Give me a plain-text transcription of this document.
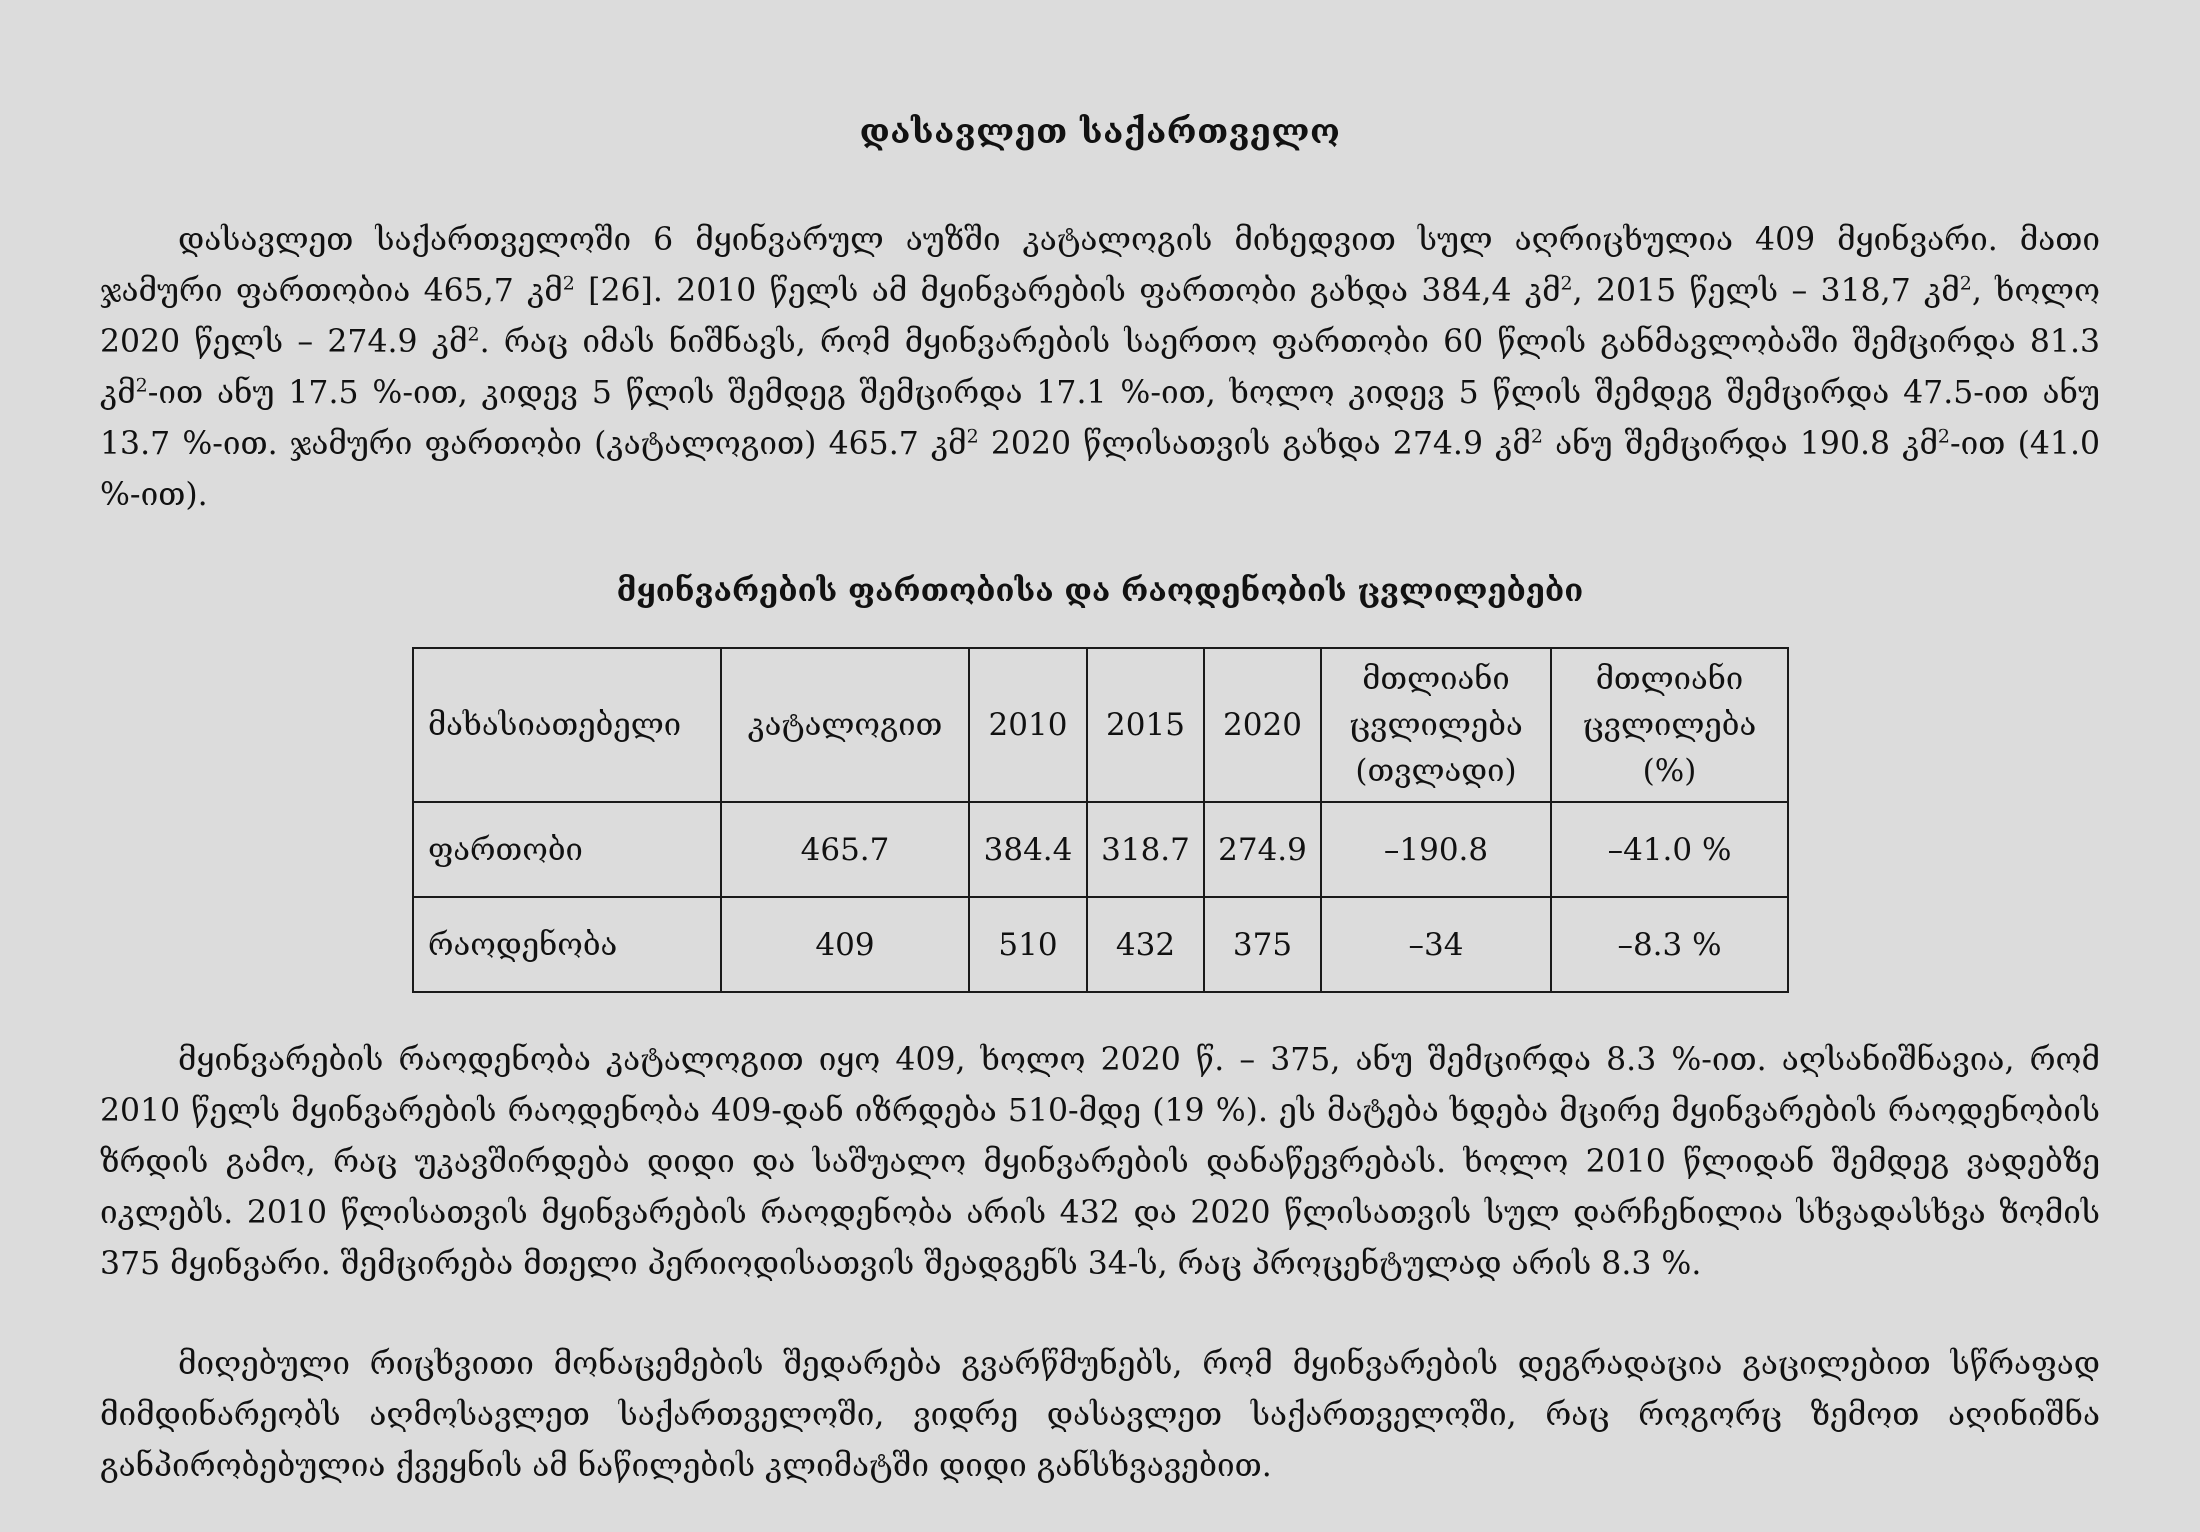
დასავლეთ საქართველო

დასავლეთ საქართველოში 6 მყინვარულ აუზში კატალოგის მიხედვით სულ აღრიცხულია 409 მყინვარი. მათი ჯამური ფართობია 465,7 კმ$^2$ [26]. 2010 წელს ამ მყინვარების ფართობი გახდა 384,4 კმ$^2$, 2015 წელს – 318,7 კმ$^2$, ხოლო 2020 წელს – 274.9 კმ$^2$. რაც იმას ნიშნავს, რომ მყინვარების საერთო ფართობი 60 წლის განმავლობაში შემცირდა 81.3 კმ$^2$-ით ანუ 17.5 %-ით, კიდევ 5 წლის შემდეგ შემცირდა 17.1 %-ით, ხოლო კიდევ 5 წლის შემდეგ შემცირდა 47.5-ით ანუ 13.7 %-ით. ჯამური ფართობი (კატალოგით) 465.7 კმ$^2$ 2020 წლისათვის გახდა 274.9 კმ$^2$ ანუ შემცირდა 190.8 კმ$^2$-ით (41.0 %-ით).

მყინვარების ფართობისა და რაოდენობის ცვლილებები
მახასიათებელი	კატალოგით	2010	2015	2020	მთლიანი ცვლილება (თვლადი)	მთლიანი ცვლილება (%)
ფართობი	465.7	384.4	318.7	274.9	–190.8	–41.0 %
რაოდენობა	409	510	432	375	–34	–8.3 %

მყინვარების რაოდენობა კატალოგით იყო 409, ხოლო 2020 წ. – 375, ანუ შემცირდა 8.3 %-ით. აღსანიშნავია, რომ 2010 წელს მყინვარების რაოდენობა 409-დან იზრდება 510-მდე (19 %). ეს მატება ხდება მცირე მყინვარების რაოდენობის ზრდის გამო, რაც უკავშირდება დიდი და საშუალო მყინვარების დანაწევრებას. ხოლო 2010 წლიდან შემდეგ ვადებზე იკლებს. 2010 წლისათვის მყინვარების რაოდენობა არის 432 და 2020 წლისათვის სულ დარჩენილია სხვადასხვა ზომის 375 მყინვარი. შემცირება მთელი პერიოდისათვის შეადგენს 34-ს, რაც პროცენტულად არის 8.3 %.

მიღებული რიცხვითი მონაცემების შედარება გვარწმუნებს, რომ მყინვარების დეგრადაცია გაცილებით სწრაფად მიმდინარეობს აღმოსავლეთ საქართველოში, ვიდრე დასავლეთ საქართველოში, რაც როგორც ზემოთ აღინიშნა განპირობებულია ქვეყნის ამ ნაწილების კლიმატში დიდი განსხვავებით.
